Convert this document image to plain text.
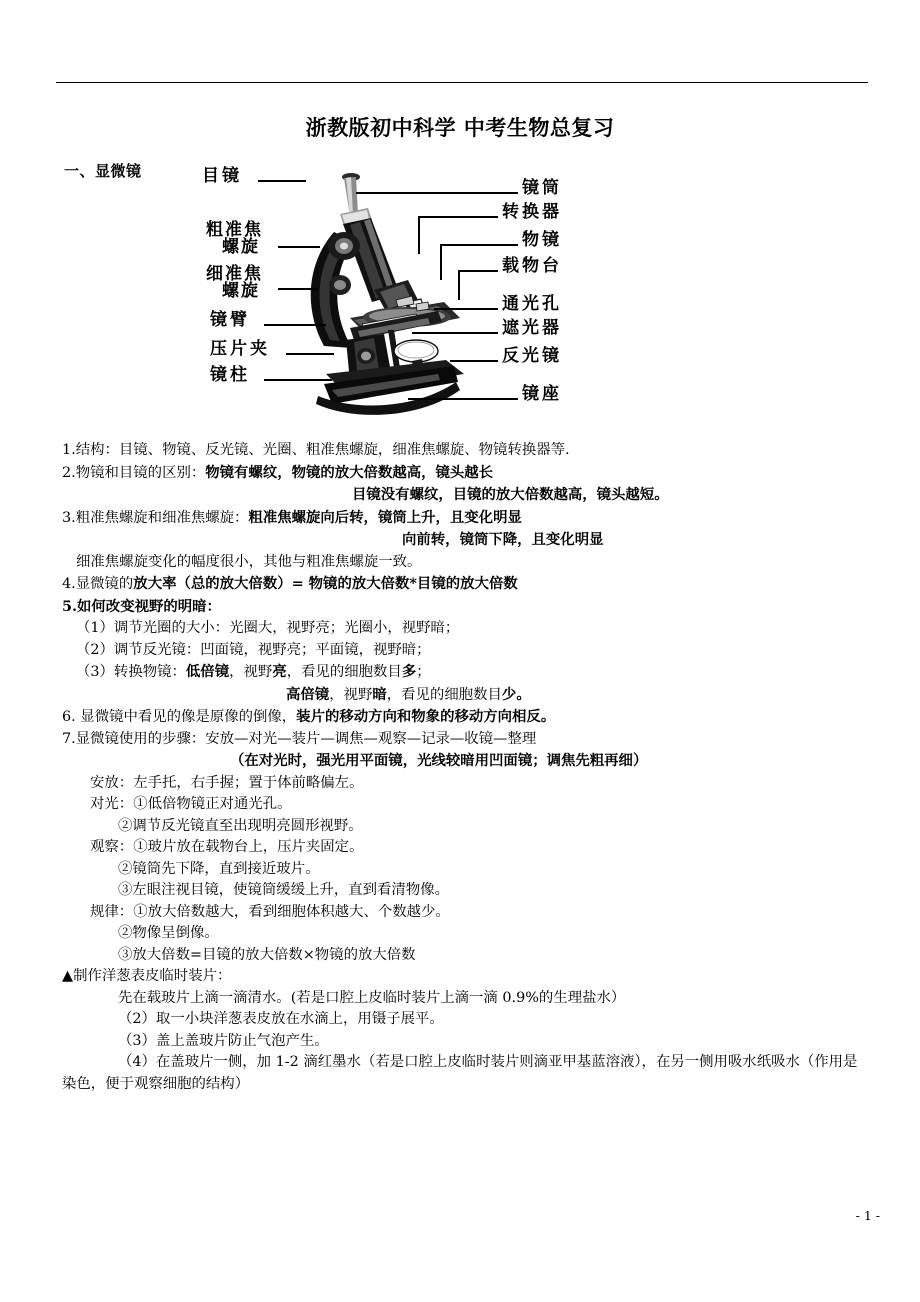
浙教版初中科学 中考生物总复习
一、显微镜	目镜
粗准焦
螺旋
细准焦
螺旋
镜臂
压片夹
镜柱
镜筒
转换器
物镜
载物台
通光孔
遮光器
反光镜
镜座
1.结构：目镜、物镜、反光镜、光圈、粗准焦螺旋，细准焦螺旋、物镜转换器等.
2.物镜和目镜的区别：物镜有螺纹，物镜的放大倍数越高，镜头越长
目镜没有螺纹，目镜的放大倍数越高，镜头越短。
3.粗准焦螺旋和细准焦螺旋：粗准焦螺旋向后转，镜筒上升，且变化明显
向前转，镜筒下降，且变化明显
细准焦螺旋变化的幅度很小，其他与粗准焦螺旋一致。
4.显微镜的放大率（总的放大倍数）= 物镜的放大倍数*目镜的放大倍数
5.如何改变视野的明暗：
（1）调节光圈的大小：光圈大，视野亮；光圈小，视野暗；
（2）调节反光镜：凹面镜，视野亮；平面镜，视野暗；
（3）转换物镜：低倍镜，视野亮，看见的细胞数目多；
高倍镜，视野暗，看见的细胞数目少。
6. 显微镜中看见的像是原像的倒像，装片的移动方向和物象的移动方向相反。
7.显微镜使用的步骤：安放—对光—装片—调焦—观察—记录—收镜—整理
（在对光时，强光用平面镜，光线较暗用凹面镜；调焦先粗再细）
安放：左手托，右手握；置于体前略偏左。
对光：①低倍物镜正对通光孔。
②调节反光镜直至出现明亮圆形视野。
观察：①玻片放在载物台上，压片夹固定。
②镜筒先下降，直到接近玻片。
③左眼注视目镜，使镜筒缓缓上升，直到看清物像。
规律：①放大倍数越大，看到细胞体积越大、个数越少。
②物像呈倒像。
③放大倍数=目镜的放大倍数×物镜的放大倍数
▲制作洋葱表皮临时装片：
先在载玻片上滴一滴清水。(若是口腔上皮临时装片上滴一滴 0.9%的生理盐水）
（2）取一小块洋葱表皮放在水滴上，用镊子展平。
（3）盖上盖玻片防止气泡产生。
（4）在盖玻片一侧，加 1-2 滴红墨水（若是口腔上皮临时装片则滴亚甲基蓝溶液），在另一侧用吸水纸吸水（作用是染色，便于观察细胞的结构）
- 1 -
